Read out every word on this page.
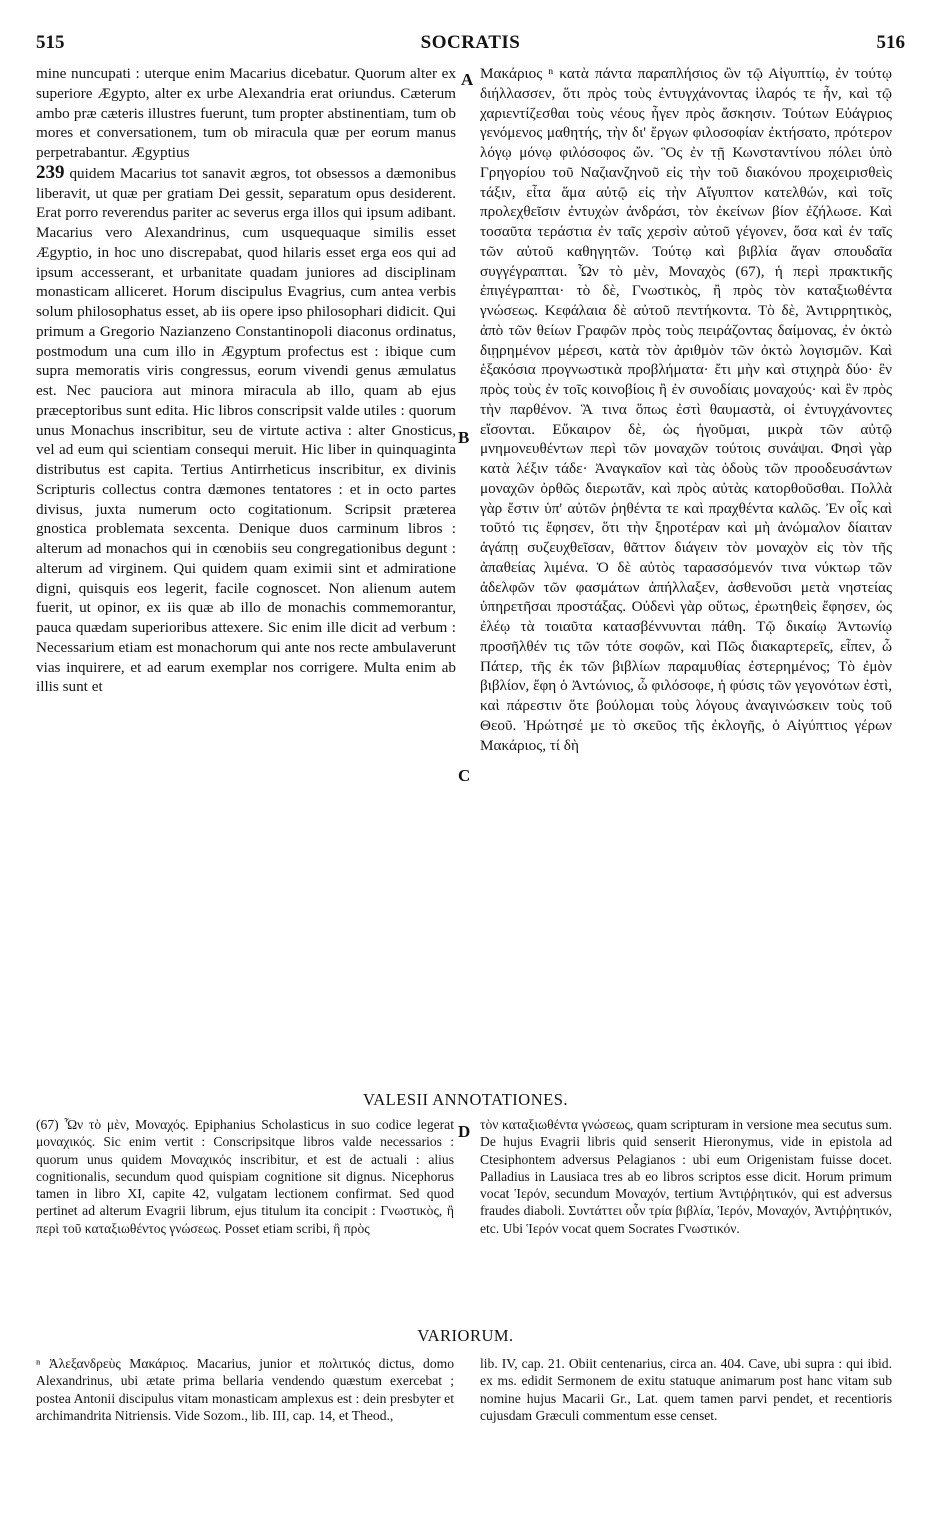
515	SOCRATIS	516

mine nuncupati : uterque enim Macarius dicebatur. Quorum alter ex superiore Ægypto, alter ex urbe Alexandria erat oriundus. Cæterum ambo præ cæteris illustres fuerunt, tum propter abstinentiam, tum ob mores et conversationem, tum ob miracula quæ per eorum manus perpetrabantur. Ægyptius
239 quidem Macarius tot sanavit ægros, tot obsessos a dæmonibus liberavit, ut quæ per gratiam Dei gessit, separatum opus desiderent. Erat porro reverendus pariter ac severus erga illos qui ipsum adibant. Macarius vero Alexandrinus, cum usquequaque similis esset Ægyptio, in hoc uno discrepabat, quod hilaris esset erga eos qui ad ipsum accesserant, et urbanitate quadam juniores ad disciplinam monasticam alliceret. Horum discipulus Evagrius, cum antea verbis solum philosophatus esset, ab iis opere ipso philosophari didicit. Qui primum a Gregorio Nazianzeno Constantinopoli diaconus ordinatus, postmodum una cum illo in Ægyptum profectus est : ibique cum supra memoratis viris congressus, eorum vivendi genus æmulatus est. Nec pauciora aut minora miracula ab illo, quam ab ejus præceptoribus sunt edita. Hic libros conscripsit valde utiles : quorum unus Monachus inscribitur, seu de virtute activa : alter Gnosticus, vel ad eum qui scientiam consequi meruit. Hic liber in quinquaginta distributus est capita. Tertius Antirrheticus inscribitur, ex divinis Scripturis collectus contra dæmones tentatores : et in octo partes divisus, juxta numerum octo cogitationum. Scripsit præterea gnostica problemata sexcenta. Denique duos carminum libros : alterum ad monachos qui in cœnobiis seu congregationibus degunt : alterum ad virginem. Qui quidem quam eximii sint et admiratione digni, quisquis eos legerit, facile cognoscet. Non alienum autem fuerit, ut opinor, ex iis quæ ab illo de monachis commemorantur, pauca quædam superioribus attexere. Sic enim ille dicit ad verbum : Necessarium etiam est monachorum qui ante nos recte ambulaverunt vias inquirere, et ad earum exemplar nos corrigere. Multa enim ab illis sunt et

Μακάριος ⁿ κατὰ πάντα παραπλήσιος ὢν τῷ Αἰγυπτίῳ, ἐν τούτῳ διήλλασσεν, ὅτι πρὸς τοὺς ἐντυγχάνοντας ἱλαρός τε ἦν, καὶ τῷ χαριεντίζεσθαι τοὺς νέους ἦγεν πρὸς ἄσκησιν. Τούτων Εὐάγριος γενόμενος μαθητής, τὴν δι' ἔργων φιλοσοφίαν ἐκτήσατο, πρότερον λόγῳ μόνῳ φιλόσοφος ὤν. Ὃς ἐν τῇ Κωνσταντίνου πόλει ὑπὸ Γρηγορίου τοῦ Ναζιανζηνοῦ εἰς τὴν τοῦ διακόνου προχειρισθεὶς τάξιν, εἶτα ἅμα αὐτῷ εἰς τὴν Αἴγυπτον κατελθών, καὶ τοῖς προλεχθεῖσιν ἐντυχὼν ἀνδράσι, τὸν ἐκείνων βίον ἐζήλωσε. Καὶ τοσαῦτα τεράστια ἐν ταῖς χερσὶν αὐτοῦ γέγονεν, ὅσα καὶ ἐν ταῖς τῶν αὐτοῦ καθηγητῶν. Τούτῳ καὶ βιβλία ἄγαν σπουδαῖα συγγέγραπται. Ὧν τὸ μὲν, Μοναχὸς (67), ἡ περὶ πρακτικῆς ἐπιγέγραπται· τὸ δὲ, Γνωστικὸς, ἢ πρὸς τὸν καταξιωθέντα γνώσεως. Κεφάλαια δὲ αὐτοῦ πεντήκοντα. Τὸ δὲ, Ἀντιρρητικὸς, ἀπὸ τῶν θείων Γραφῶν πρὸς τοὺς πειράζοντας δαίμονας, ἐν ὀκτὼ διῃρημένον μέρεσι, κατὰ τὸν ἀριθμὸν τῶν ὀκτὼ λογισμῶν. Καὶ ἑξακόσια προγνωστικὰ προβλήματα· ἔτι μὴν καὶ στιχηρὰ δύο· ἓν πρὸς τοὺς ἐν τοῖς κοινοβίοις ἢ ἐν συνοδίαις μοναχούς· καὶ ἓν πρὸς τὴν παρθένον. Ἃ τινα ὅπως ἐστὶ θαυμαστὰ, οἱ ἐντυγχάνοντες εἴσονται. Εὔκαιρον δὲ, ὡς ἡγοῦμαι, μικρὰ τῶν αὐτῷ μνημονευθέντων περὶ τῶν μοναχῶν τούτοις συνάψαι. Φησὶ γὰρ κατὰ λέξιν τάδε· Ἀναγκαῖον καὶ τὰς ὁδοὺς τῶν προοδευσάντων μοναχῶν ὀρθῶς διερωτᾶν, καὶ πρὸς αὐτὰς κατορθοῦσθαι. Πολλὰ γὰρ ἔστιν ὑπ' αὐτῶν ῥηθέντα τε καὶ πραχθέντα καλῶς. Ἐν οἷς καὶ τοῦτό τις ἔφησεν, ὅτι τὴν ξηροτέραν καὶ μὴ ἀνώμαλον δίαιταν ἀγάπῃ συζευχθεῖσαν, θᾶττον διάγειν τὸν μοναχὸν εἰς τὸν τῆς ἀπαθείας λιμένα. Ὁ δὲ αὐτὸς ταρασσόμενόν τινα νύκτωρ τῶν ἀδελφῶν τῶν φασμάτων ἀπήλλαξεν, ἀσθενοῦσι μετὰ νηστείας ὑπηρετῆσαι προστάξας. Οὐδενὶ γὰρ οὕτως, ἐρωτηθεὶς ἔφησεν, ὡς ἐλέῳ τὰ τοιαῦτα κατασβέννυνται πάθη. Τῷ δικαίῳ Ἀντωνίῳ προσῆλθέν τις τῶν τότε σοφῶν, καὶ Πῶς διακαρτερεῖς, εἶπεν, ὦ Πάτερ, τῆς ἐκ τῶν βιβλίων παραμυθίας ἐστερημένος; Τὸ ἐμὸν βιβλίον, ἔφη ὁ Ἀντώνιος, ὦ φιλόσοφε, ἡ φύσις τῶν γεγονότων ἐστὶ, καὶ πάρεστιν ὅτε βούλομαι τοὺς λόγους ἀναγινώσκειν τοὺς τοῦ Θεοῦ. Ἠρώτησέ με τὸ σκεῦος τῆς ἐκλογῆς, ὁ Αἰγύπτιος γέρων Μακάριος, τί δὴ

A
B
C
D
VALESII ANNOTATIONES.

(67) Ὧν τὸ μὲν, Μοναχός. Epiphanius Scholasticus in suo codice legerat μοναχικός. Sic enim vertit : Conscripsitque libros valde necessarios : quorum unus quidem Μοναχικός inscribitur, et est de actuali : alius cognitionalis, secundum quod quispiam cognitione sit dignus. Nicephorus tamen in libro XI, capite 42, vulgatam lectionem confirmat. Sed quod pertinet ad alterum Evagrii librum, ejus titulum ita concipit : Γνωστικὸς, ἢ περὶ τοῦ καταξιωθέντος γνώσεως. Posset etiam scribi, ἢ πρὸς

τὸν καταξιωθέντα γνώσεως, quam scripturam in versione mea secutus sum. De hujus Evagrii libris quid senserit Hieronymus, vide in epistola ad Ctesiphontem adversus Pelagianos : ubi eum Origenistam fuisse docet. Palladius in Lausiaca tres ab eo libros scriptos esse dicit. Horum primum vocat Ἱερόν, secundum Μοναχόν, tertium Ἀντιῤῥητικόν, qui est adversus fraudes diaboli. Συντάττει οὖν τρία βιβλία, Ἱερόν, Μοναχόν, Ἀντιῤῥητικόν, etc. Ubi Ἱερόν vocat quem Socrates Γνωστικόν.

VARIORUM.

ⁿ Ἀλεξανδρεὺς Μακάριος. Macarius, junior et πολιτικός dictus, domo Alexandrinus, ubi ætate prima bellaria vendendo quæstum exercebat ; postea Antonii discipulus vitam monasticam amplexus est : dein presbyter et archimandrita Nitriensis. Vide Sozom., lib. III, cap. 14, et Theod.,

lib. IV, cap. 21. Obiit centenarius, circa an. 404. Cave, ubi supra : qui ibid. ex ms. edidit Sermonem de exitu statuque animarum post hanc vitam sub nomine hujus Macarii Gr., Lat. quem tamen parvi pendet, et recentioris cujusdam Græculi commentum esse censet.
